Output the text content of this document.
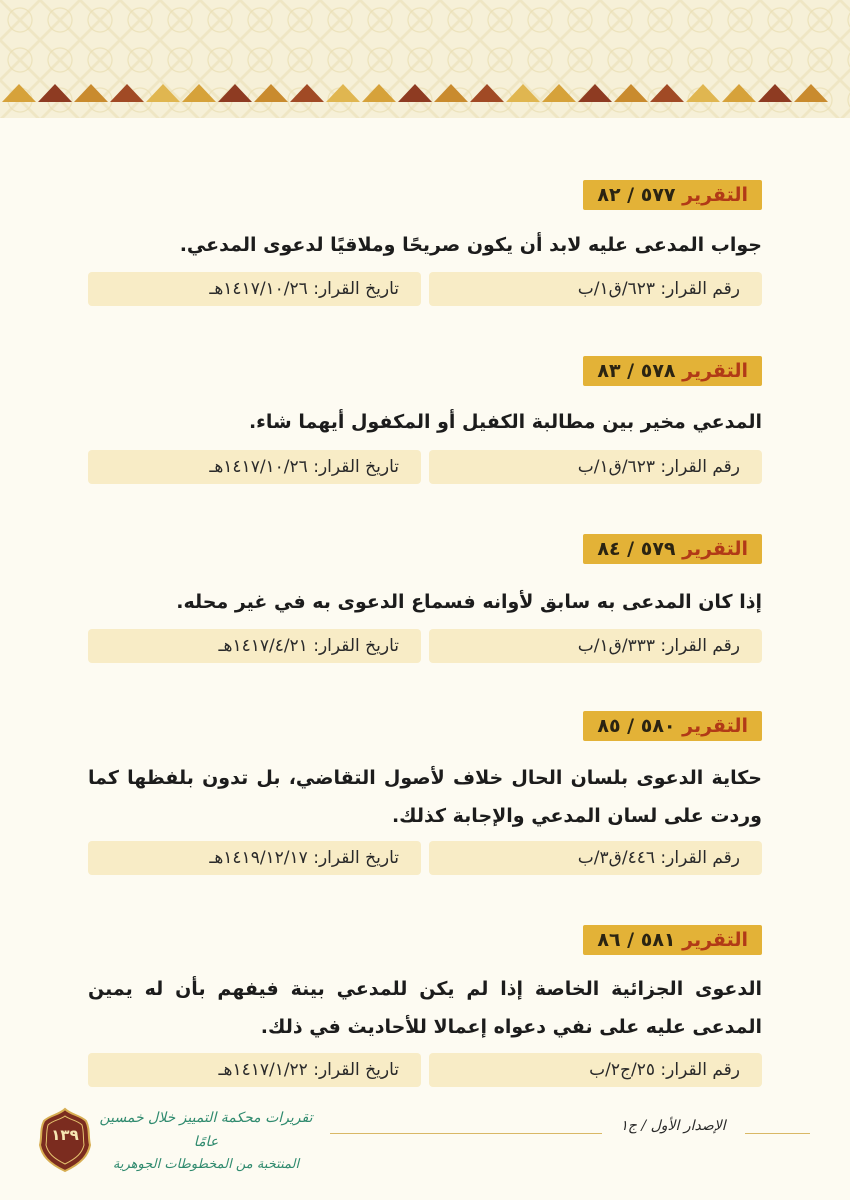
التقرير ٥٧٧ / ٨٢
جواب المدعى عليه لابد أن يكون صريحًا وملاقيًا لدعوى المدعي.
رقم القرار: ٦٢٣/ق١/ب
تاريخ القرار: ١٤١٧/١٠/٢٦هـ
التقرير ٥٧٨ / ٨٣
المدعي مخير بين مطالبة الكفيل أو المكفول أيهما شاء.
رقم القرار: ٦٢٣/ق١/ب
تاريخ القرار: ١٤١٧/١٠/٢٦هـ
التقرير ٥٧٩ / ٨٤
إذا كان المدعى به سابق لأوانه فسماع الدعوى به في غير محله.
رقم القرار: ٣٣٣/ق١/ب
تاريخ القرار: ١٤١٧/٤/٢١هـ
التقرير ٥٨٠ / ٨٥
حكاية الدعوى بلسان الحال خلاف لأصول التقاضي، بل تدون بلفظها كما وردت على لسان المدعي والإجابة كذلك.
رقم القرار: ٤٤٦/ق٣/ب
تاريخ القرار: ١٤١٩/١٢/١٧هـ
التقرير ٥٨١ / ٨٦
الدعوى الجزائية الخاصة إذا لم يكن للمدعي بينة فيفهم بأن له يمين المدعى عليه على نفي دعواه إعمالا للأحاديث في ذلك.
رقم القرار: ٢٥/ج٢/ب
تاريخ القرار: ١٤١٧/١/٢٢هـ
الإصدار الأول / ج١
تقريرات محكمة التمييز خلال خمسين عامًا
المنتخبة من المخطوطات الجوهرية
١٣٩
